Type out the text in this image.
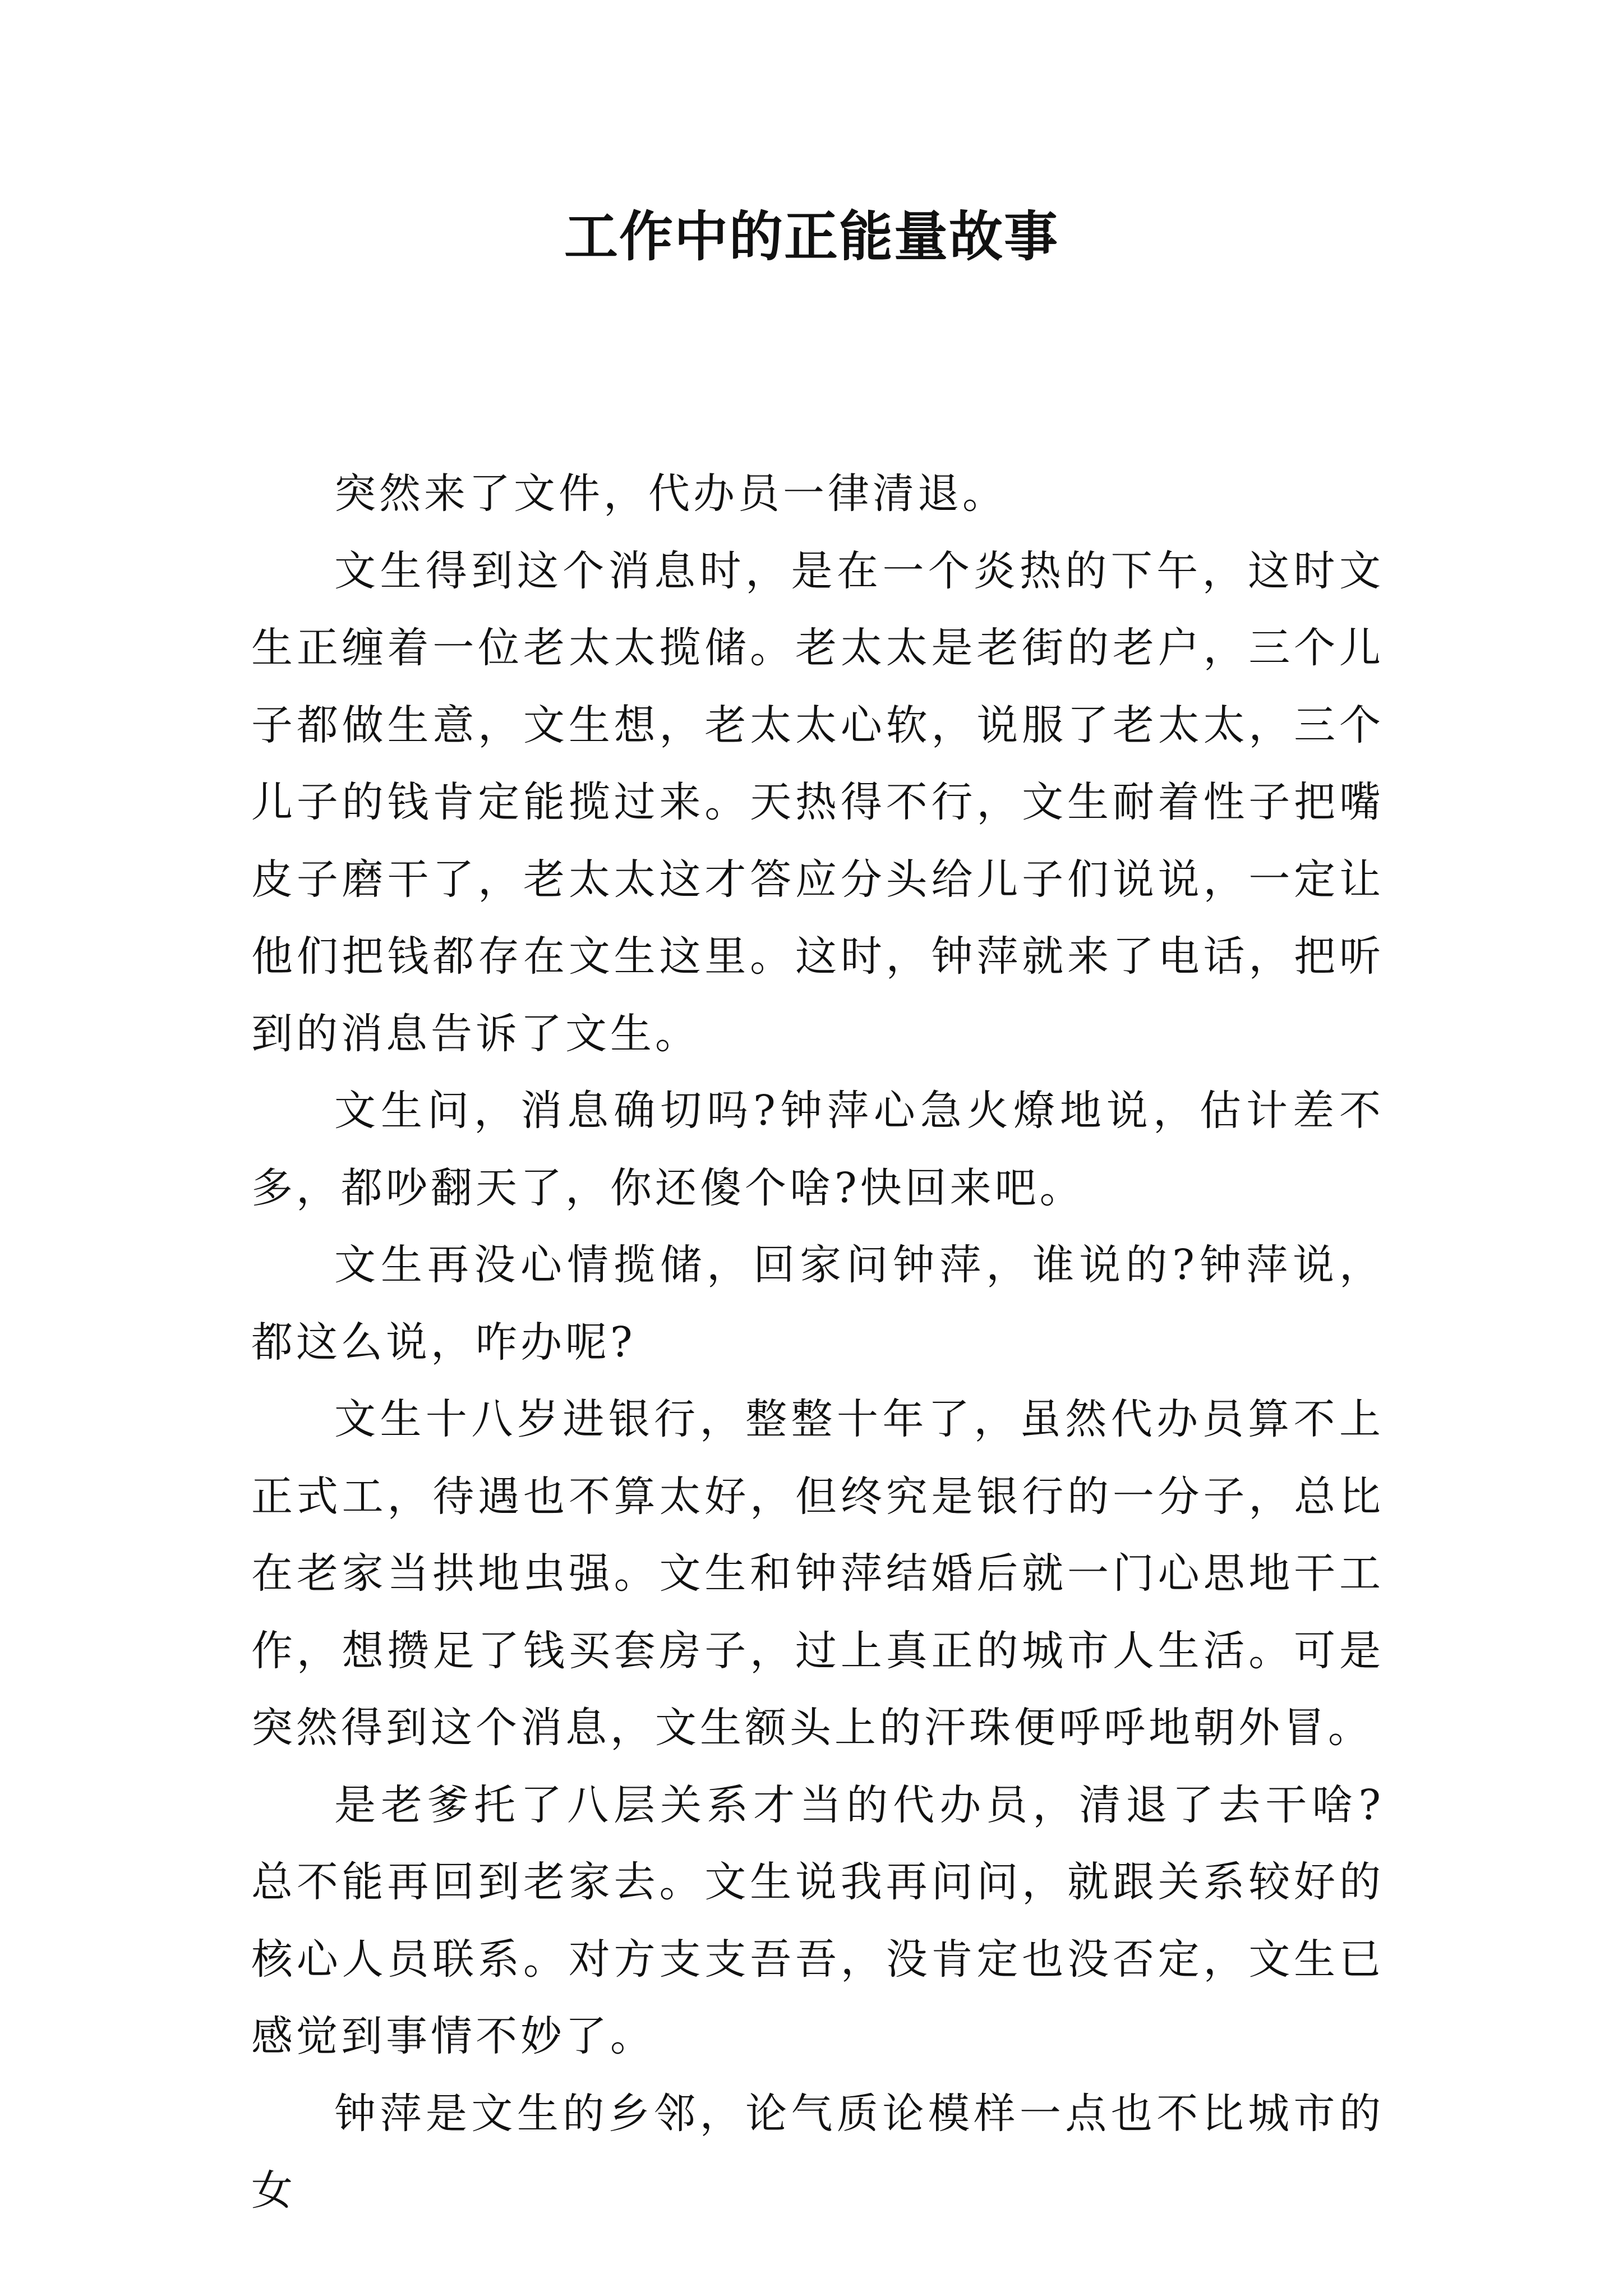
工作中的正能量故事

突然来了文件，代办员一律清退。

文生得到这个消息时，是在一个炎热的下午，这时文生正缠着一位老太太揽储。老太太是老街的老户，三个儿子都做生意，文生想，老太太心软，说服了老太太，三个儿子的钱肯定能揽过来。天热得不行，文生耐着性子把嘴皮子磨干了，老太太这才答应分头给儿子们说说，一定让他们把钱都存在文生这里。这时，钟萍就来了电话，把听到的消息告诉了文生。

文生问，消息确切吗?钟萍心急火燎地说，估计差不多，都吵翻天了，你还傻个啥?快回来吧。

文生再没心情揽储，回家问钟萍，谁说的?钟萍说，都这么说，咋办呢?

文生十八岁进银行，整整十年了，虽然代办员算不上正式工，待遇也不算太好，但终究是银行的一分子，总比在老家当拱地虫强。文生和钟萍结婚后就一门心思地干工作，想攒足了钱买套房子，过上真正的城市人生活。可是突然得到这个消息，文生额头上的汗珠便呼呼地朝外冒。

是老爹托了八层关系才当的代办员，清退了去干啥?总不能再回到老家去。文生说我再问问，就跟关系较好的核心人员联系。对方支支吾吾，没肯定也没否定，文生已感觉到事情不妙了。

钟萍是文生的乡邻，论气质论模样一点也不比城市的女
